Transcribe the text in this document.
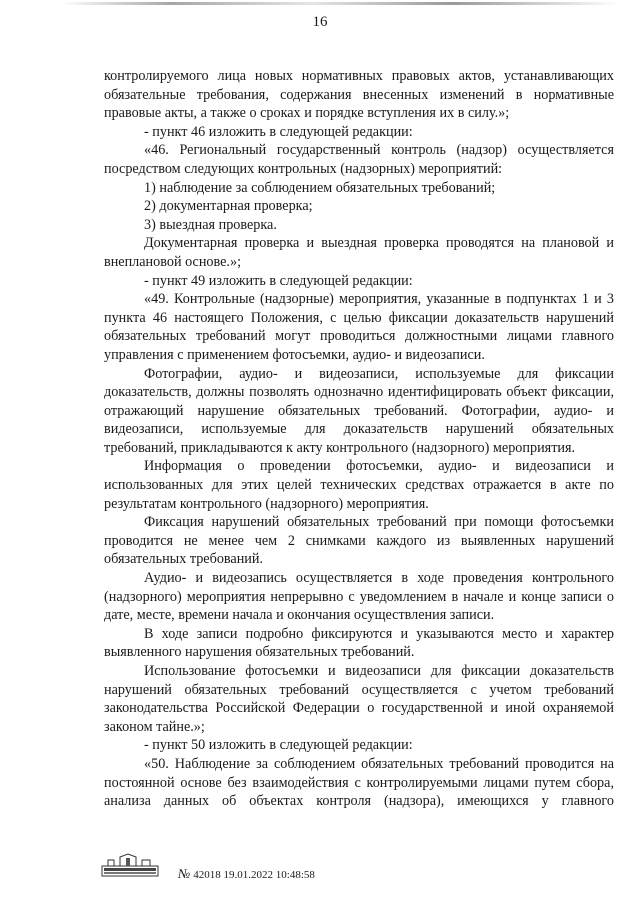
16

контролируемого лица новых нормативных правовых актов, устанавливающих обязательные требования, содержания внесенных изменений в нормативные правовые акты, а также о сроках и порядке вступления их в силу.»;

- пункт 46 изложить в следующей редакции:

«46. Региональный государственный контроль (надзор) осуществляется посредством следующих контрольных (надзорных) мероприятий:

1) наблюдение за соблюдением обязательных требований;

2) документарная проверка;

3) выездная проверка.

Документарная проверка и выездная проверка проводятся на плановой и внеплановой основе.»;

- пункт 49 изложить в следующей редакции:

«49. Контрольные (надзорные) мероприятия, указанные в подпунктах 1 и 3 пункта 46 настоящего Положения, с целью фиксации доказательств нарушений обязательных требований могут проводиться должностными лицами главного управления с применением фотосъемки, аудио- и видеозаписи.

Фотографии, аудио- и видеозаписи, используемые для фиксации доказательств, должны позволять однозначно идентифицировать объект фиксации, отражающий нарушение обязательных требований. Фотографии, аудио- и видеозаписи, используемые для доказательств нарушений обязательных требований, прикладываются к акту контрольного (надзорного) мероприятия.

Информация о проведении фотосъемки, аудио- и видеозаписи и использованных для этих целей технических средствах отражается в акте по результатам контрольного (надзорного) мероприятия.

Фиксация нарушений обязательных требований при помощи фотосъемки проводится не менее чем 2 снимками каждого из выявленных нарушений обязательных требований.

Аудио- и видеозапись осуществляется в ходе проведения контрольного (надзорного) мероприятия непрерывно с уведомлением в начале и конце записи о дате, месте, времени начала и окончания осуществления записи.

В ходе записи подробно фиксируются и указываются место и характер выявленного нарушения обязательных требований.

Использование фотосъемки и видеозаписи для фиксации доказательств нарушений обязательных требований осуществляется с учетом требований законодательства Российской Федерации о государственной и иной охраняемой законом тайне.»;

- пункт 50 изложить в следующей редакции:

«50. Наблюдение за соблюдением обязательных требований проводится на постоянной основе без взаимодействия с контролируемыми лицами путем сбора, анализа данных об объектах контроля (надзора), имеющихся у главного

№ 42018 19.01.2022 10:48:58
